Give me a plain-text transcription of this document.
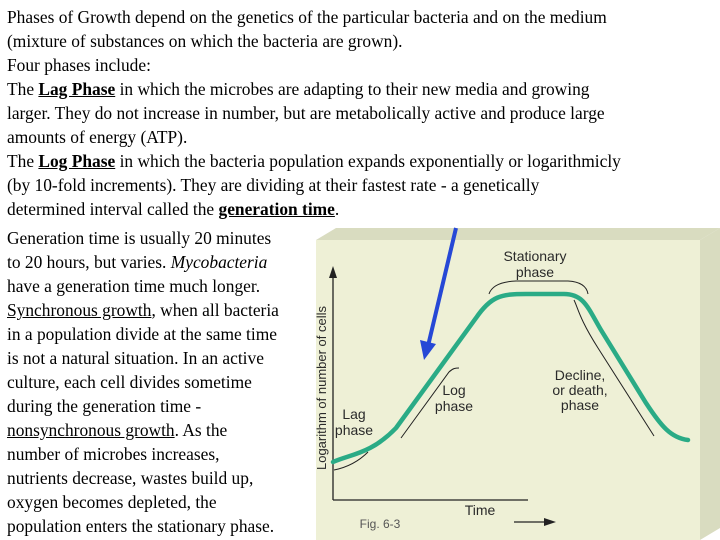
Phases of Growth depend on the genetics of the particular bacteria and on the medium
(mixture of substances on which the bacteria are grown).
Four phases include:
The Lag Phase in which the microbes are adapting to their new media and growing
larger. They do not increase in number, but are metabolically active and produce large
amounts of energy (ATP).
The Log Phase in which the bacteria population expands exponentially or logarithmicly
(by 10-fold increments). They are dividing at their fastest rate - a genetically
determined interval called the generation time.
Generation time is usually 20 minutes
to 20 hours, but varies. Mycobacteria
have a generation time much longer.
Synchronous growth, when all bacteria
in a population divide at the same time
is not a natural situation. In an active
culture, each cell divides sometime
during the generation time -
nonsynchronous growth. As the
number of microbes increases,
nutrients decrease, wastes build up,
oxygen becomes depleted, the
population enters the stationary phase.
Stationary
phase
Decline,
or death,
phase
Log
phase
Lag
phase
Logarithm of number of cells
Time
Fig. 6-3
